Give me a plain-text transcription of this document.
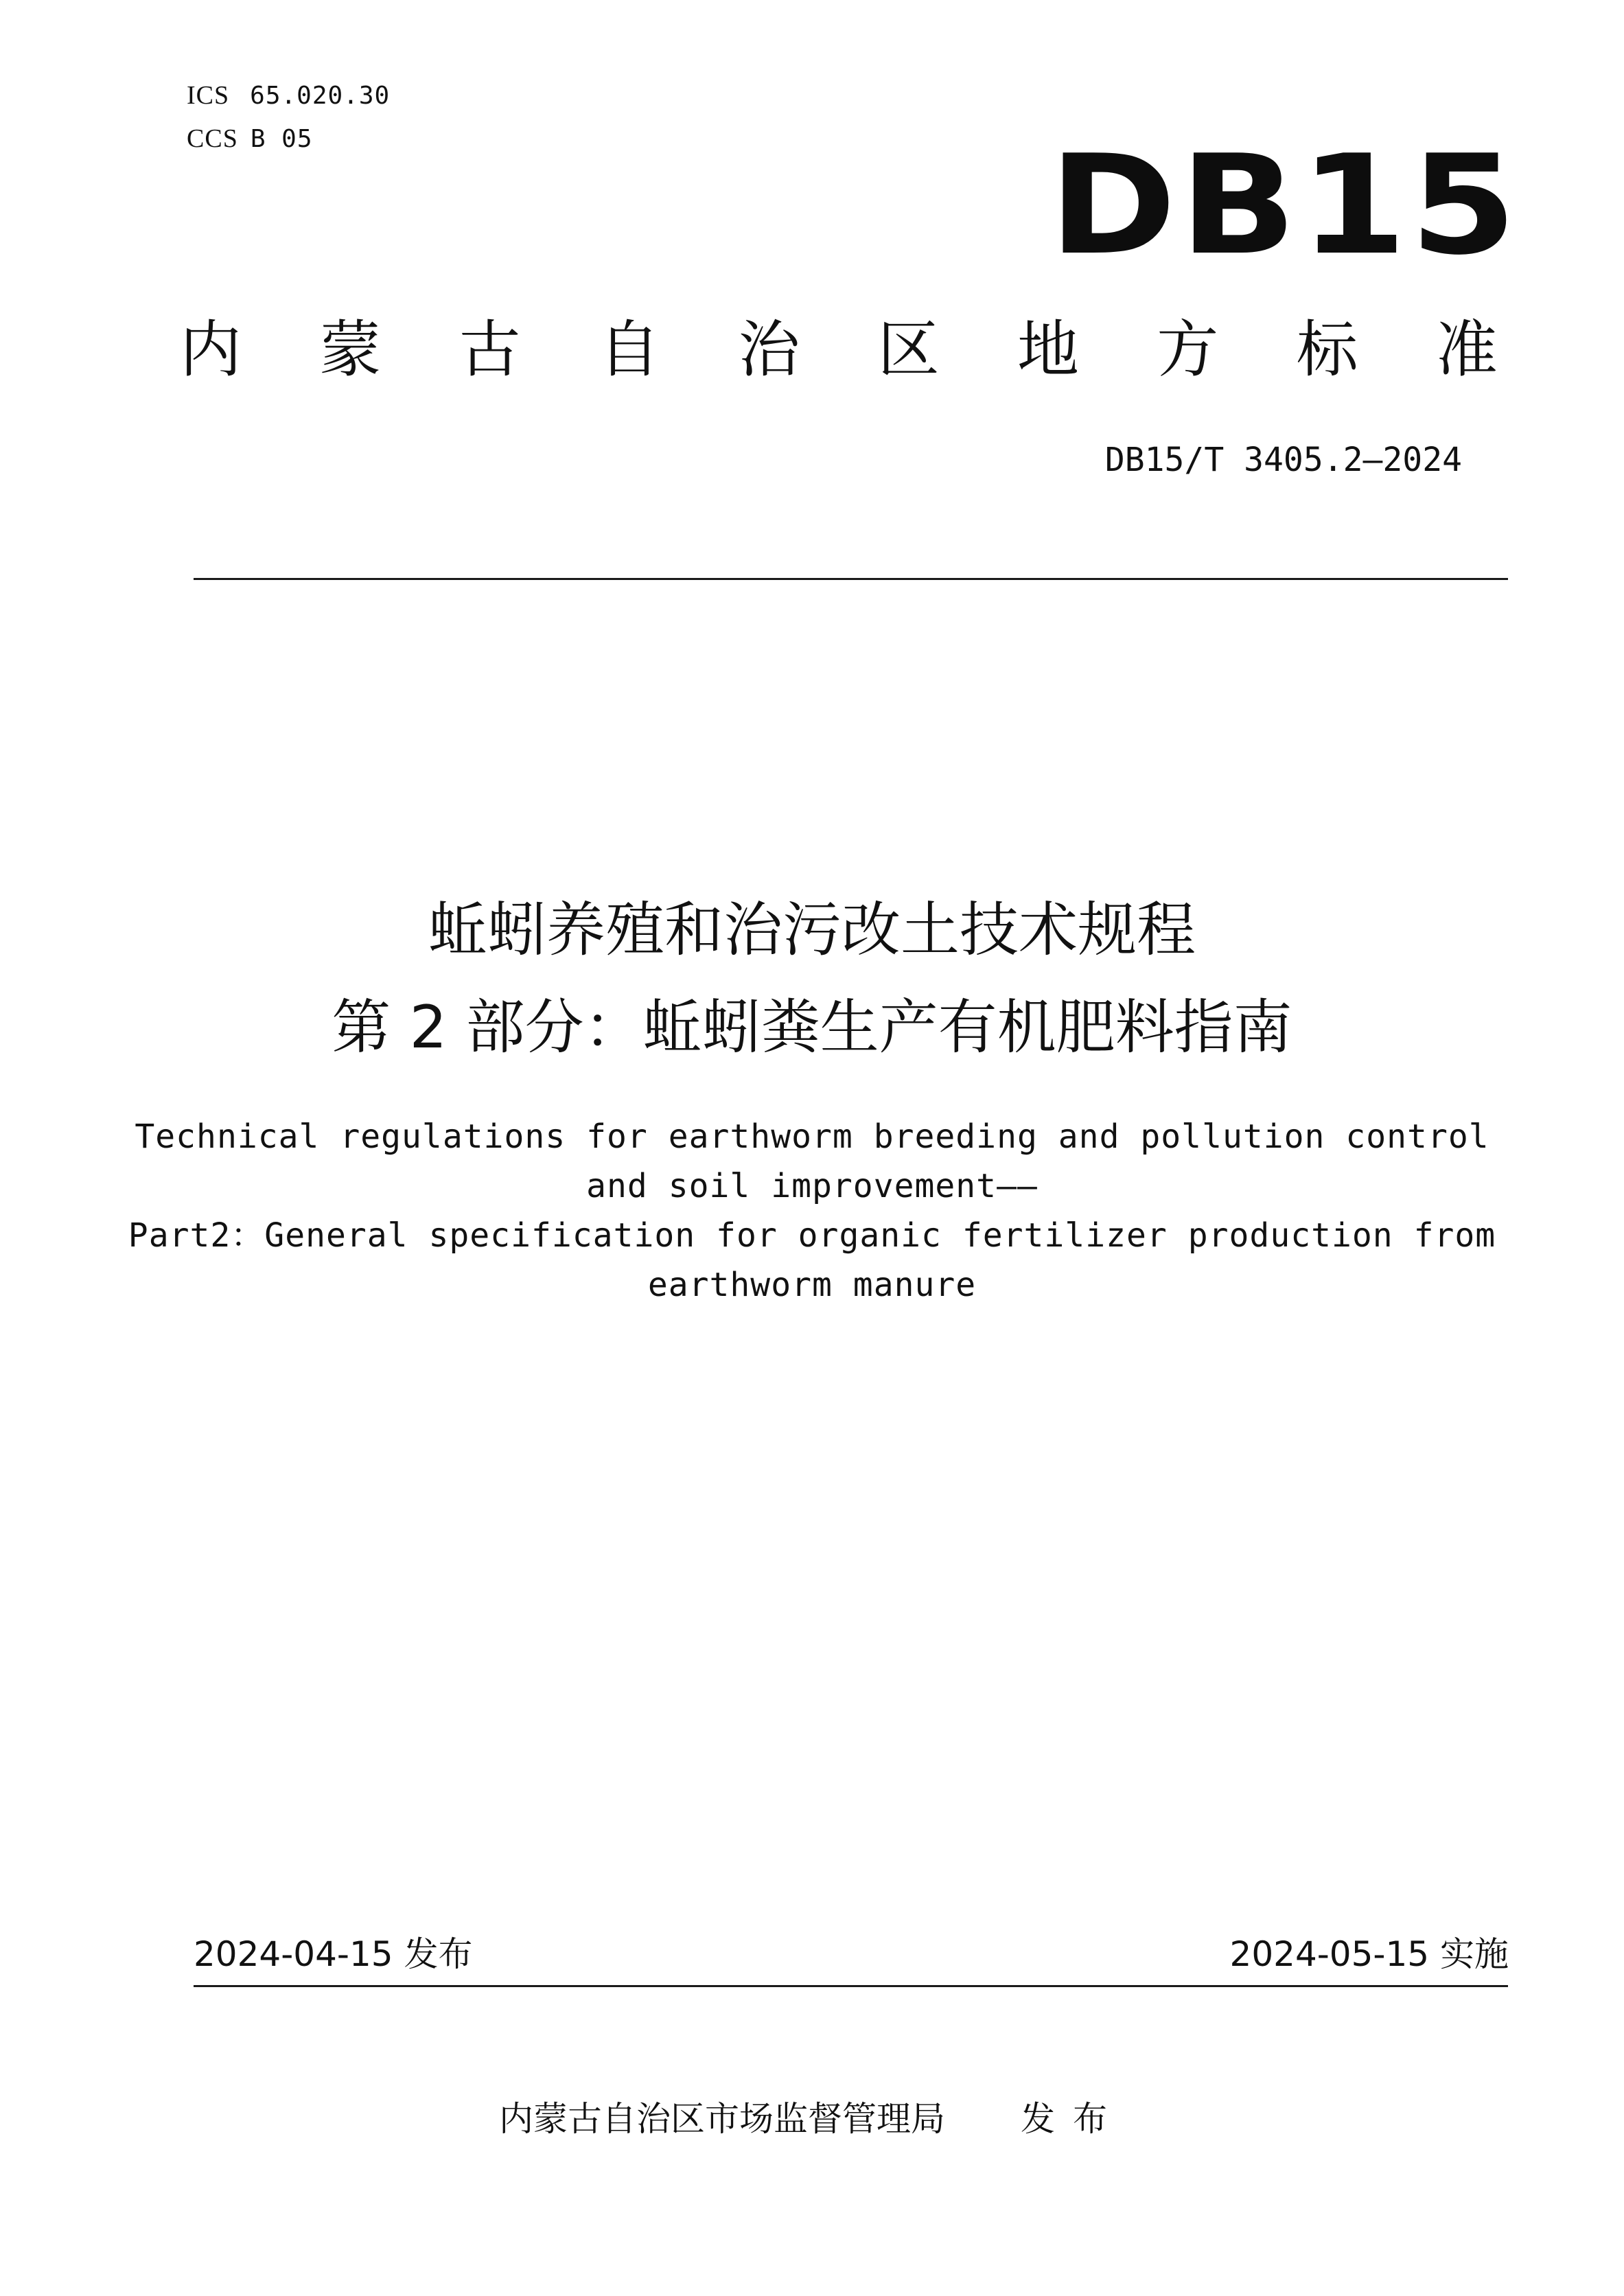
ICS 65.020.30
CCS B 05	DB15
内 蒙 古 自 治 区 地 方 标 准
DB15/T 3405.2—2024
蚯蚓养殖和治污改土技术规程
第 2 部分：蚯蚓粪生产有机肥料指南
Technical regulations for earthworm breeding and pollution control
and soil improvement——
Part2：General specification for organic fertilizer production from
earthworm manure
2024-04-15 发布	2024-05-15 实施
内蒙古自治区市场监督管理局 发布
